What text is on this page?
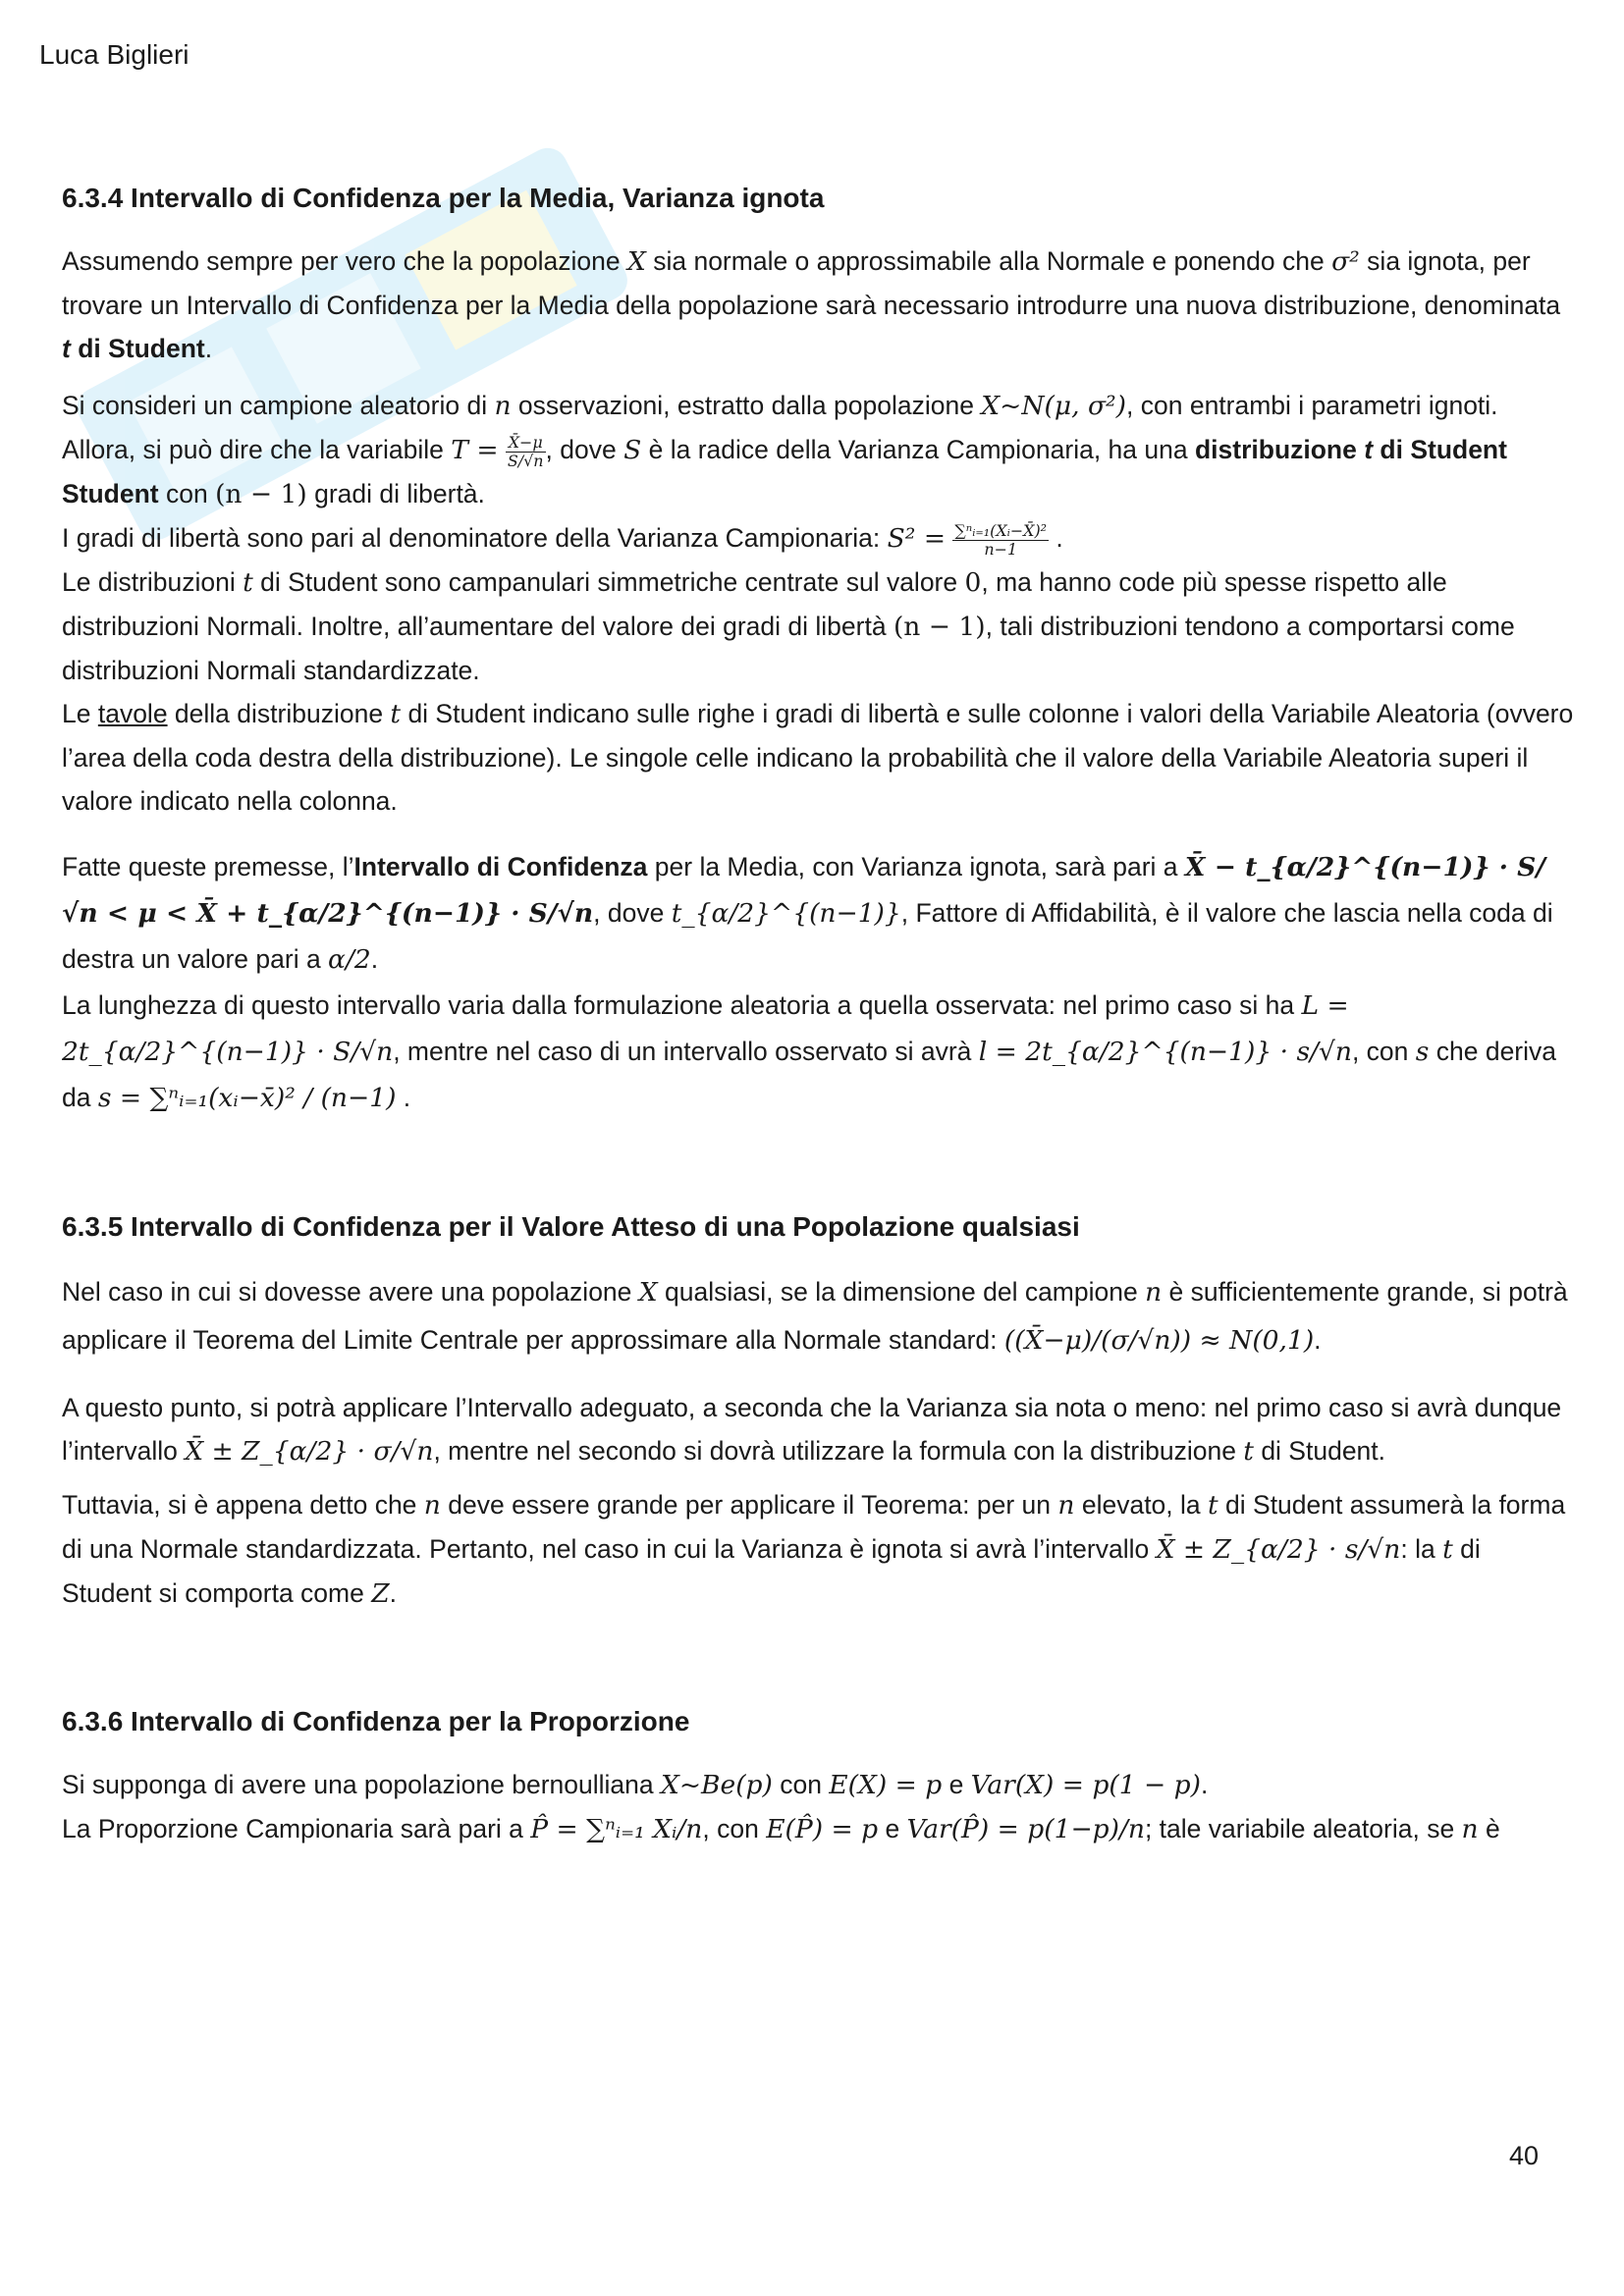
Luca Biglieri
6.3.4 Intervallo di Confidenza per la Media, Varianza ignota

Assumendo sempre per vero che la popolazione X sia normale o approssimabile alla Normale e ponendo che σ² sia ignota, per trovare un Intervallo di Confidenza per la Media della popolazione sarà necessario introdurre una nuova distribuzione, denominata t di Student.

Si consideri un campione aleatorio di n osservazioni, estratto dalla popolazione X~N(μ, σ²), con entrambi i parametri ignoti. Allora, si può dire che la variabile $T = \frac{X̄-\mu}{S/√n}$ , dove S è la radice della Varianza Campionaria, ha una distribuzione t di Student
Student con (n − 1) gradi di libertà.

I gradi di libertà sono pari al denominatore della Varianza Campionaria: $S^2 = \frac{\text{∑ⁿᵢ₌₁(Xᵢ−X̄)²}}{n-1}$ .

Le distribuzioni t di Student sono campanulari simmetriche centrate sul valore 0, ma hanno code più spesse rispetto alle distribuzioni Normali. Inoltre, all’aumentare del valore dei gradi di libertà (n − 1), tali distribuzioni tendono a comportarsi come distribuzioni Normali standardizzate.

Le tavole della distribuzione t di Student indicano sulle righe i gradi di libertà e sulle colonne i valori della Variabile Aleatoria (ovvero l’area della coda destra della distribuzione). Le singole celle indicano la probabilità che il valore della Variabile Aleatoria superi il valore indicato nella colonna.

Fatte queste premesse, l’Intervallo di Confidenza per la Media, con Varianza ignota, sarà pari a X̄ − t_{α/2}^{(n−1)} · S/√n < μ < X̄ + t_{α/2}^{(n−1)} · S/√n, dove t_{α/2}^{(n−1)}, Fattore di Affidabilità, è il valore che lascia nella coda di destra un valore pari a α/2.

La lunghezza di questo intervallo varia dalla formulazione aleatoria a quella osservata: nel primo caso si ha L = 2t_{α/2}^{(n−1)} · S/√n, mentre nel caso di un intervallo osservato si avrà l = 2t_{α/2}^{(n−1)} · s/√n, con s che deriva da s = ∑ⁿᵢ₌₁(xᵢ−x̄)² / (n−1) .

6.3.5 Intervallo di Confidenza per il Valore Atteso di una Popolazione qualsiasi

Nel caso in cui si dovesse avere una popolazione X qualsiasi, se la dimensione del campione n è sufficientemente grande, si potrà applicare il Teorema del Limite Centrale per approssimare alla Normale standard: ((X̄−μ)/(σ/√n)) ≈ N(0,1).

A questo punto, si potrà applicare l’Intervallo adeguato, a seconda che la Varianza sia nota o meno: nel primo caso si avrà dunque l’intervallo X̄ ± Z_{α/2} · σ/√n, mentre nel secondo si dovrà utilizzare la formula con la distribuzione t di Student.

Tuttavia, si è appena detto che n deve essere grande per applicare il Teorema: per un n elevato, la t di Student assumerà la forma di una Normale standardizzata. Pertanto, nel caso in cui la Varianza è ignota si avrà l’intervallo X̄ ± Z_{α/2} · s/√n: la t di Student si comporta come Z.

6.3.6 Intervallo di Confidenza per la Proporzione

Si supponga di avere una popolazione bernoulliana X~Be(p) con E(X) = p e Var(X) = p(1 − p).

La Proporzione Campionaria sarà pari a P̂ = ∑ⁿᵢ₌₁ Xᵢ/n, con E(P̂) = p e Var(P̂) = p(1−p)/n; tale variabile aleatoria, se n è

40
